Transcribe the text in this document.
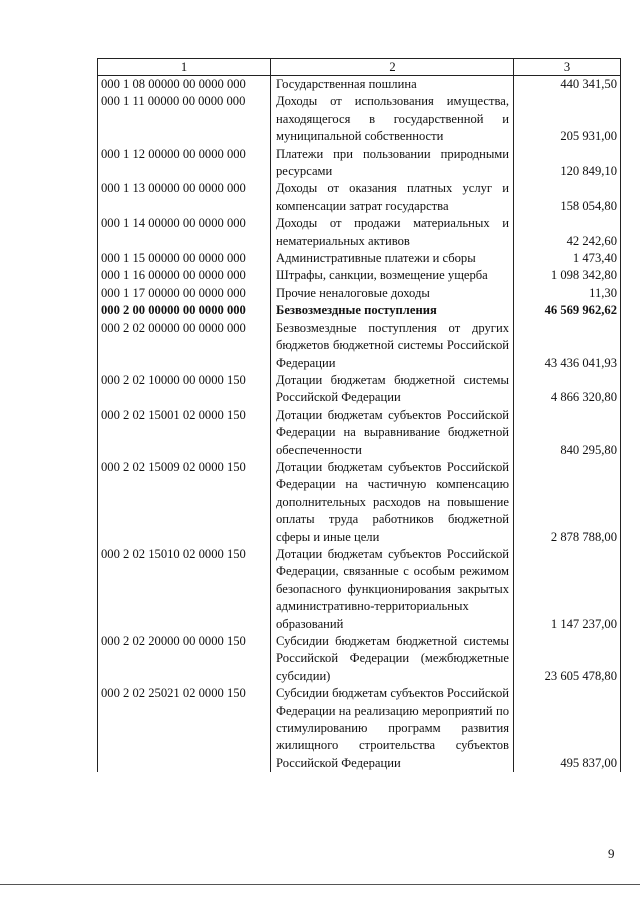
1	2	3
000 1 08 00000 00 0000 000	Государственная пошлина	440 341,50
000 1 11 00000 00 0000 000	Доходы от использования имущества, находящегося в государственной и муниципальной собственности	205 931,00
000 1 12 00000 00 0000 000	Платежи при пользовании природными ресурсами	120 849,10
000 1 13 00000 00 0000 000	Доходы от оказания платных услуг и компенсации затрат государства	158 054,80
000 1 14 00000 00 0000 000	Доходы от продажи материальных и нематериальных активов	42 242,60
000 1 15 00000 00 0000 000	Административные платежи и сборы	1 473,40
000 1 16 00000 00 0000 000	Штрафы, санкции, возмещение ущерба	1 098 342,80
000 1 17 00000 00 0000 000	Прочие неналоговые доходы	11,30
000 2 00 00000 00 0000 000	Безвозмездные поступления	46 569 962,62
000 2 02 00000 00 0000 000	Безвозмездные поступления от других бюджетов бюджетной системы Российской Федерации	43 436 041,93
000 2 02 10000 00 0000 150	Дотации бюджетам бюджетной системы Российской Федерации	4 866 320,80
000 2 02 15001 02 0000 150	Дотации бюджетам субъектов Российской Федерации на выравнивание бюджетной обеспеченности	840 295,80
000 2 02 15009 02 0000 150	Дотации бюджетам субъектов Российской Федерации на частичную компенсацию дополнительных расходов на повышение оплаты труда работников бюджетной сферы и иные цели	2 878 788,00
000 2 02 15010 02 0000 150	Дотации бюджетам субъектов Российской Федерации, связанные с особым режимом безопасного функционирования закрытых административно-территориальных образований	1 147 237,00
000 2 02 20000 00 0000 150	Субсидии бюджетам бюджетной системы Российской Федерации (межбюджетные субсидии)	23 605 478,80
000 2 02 25021 02 0000 150	Субсидии бюджетам субъектов Российской Федерации на реализацию мероприятий по стимулированию программ развития жилищного строительства субъектов Российской Федерации	495 837,00
9
